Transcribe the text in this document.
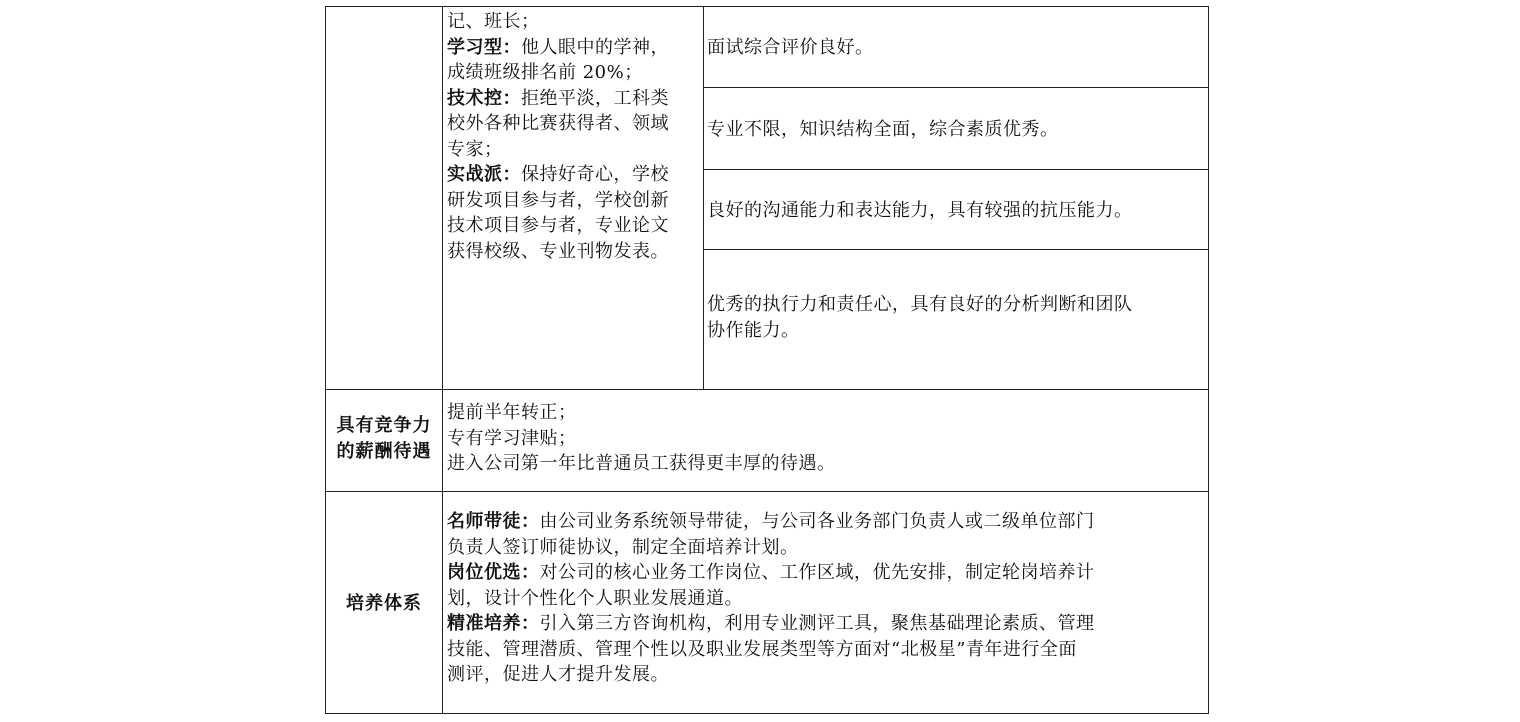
记、班长；
学习型：他人眼中的学神，
成绩班级排名前 20%；
技术控：拒绝平淡，工科类
校外各种比赛获得者、领域
专家；
实战派：保持好奇心，学校
研发项目参与者，学校创新
技术项目参与者，专业论文
获得校级、专业刊物发表。
面试综合评价良好。
专业不限，知识结构全面，综合素质优秀。
良好的沟通能力和表达能力，具有较强的抗压能力。
优秀的执行力和责任心，具有良好的分析判断和团队
协作能力。
具有竞争力
的薪酬待遇
提前半年转正；
专有学习津贴；
进入公司第一年比普通员工获得更丰厚的待遇。
培养体系
名师带徒：由公司业务系统领导带徒，与公司各业务部门负责人或二级单位部门
负责人签订师徒协议，制定全面培养计划。
岗位优选：对公司的核心业务工作岗位、工作区域，优先安排，制定轮岗培养计
划，设计个性化个人职业发展通道。
精准培养：引入第三方咨询机构，利用专业测评工具，聚焦基础理论素质、管理
技能、管理潜质、管理个性以及职业发展类型等方面对“北极星”青年进行全面
测评，促进人才提升发展。
